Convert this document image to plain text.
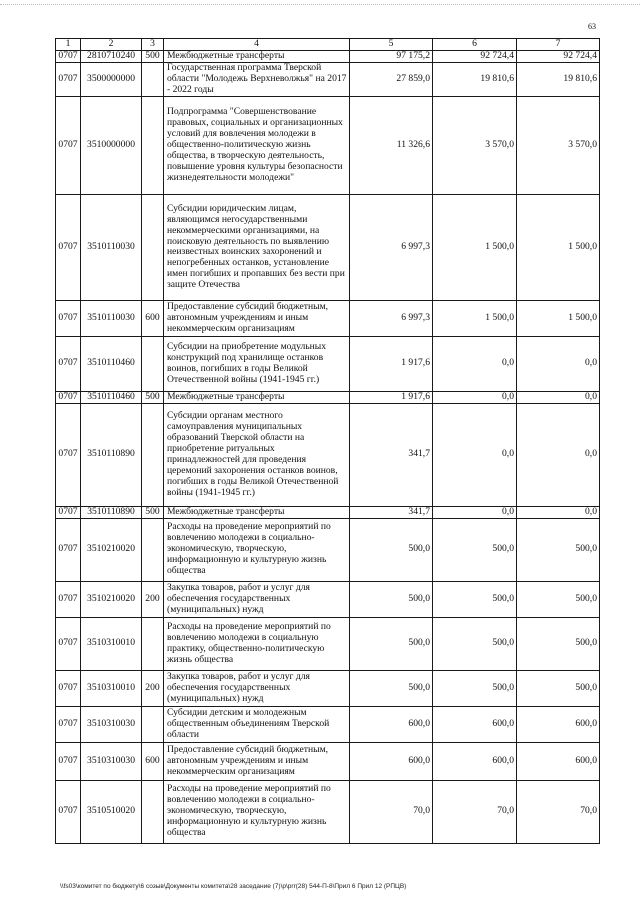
63
1	2	3	4	5	6	7
0707	2810710240	500	Межбюджетные трансферты	97 175,2	92 724,4	92 724,4
0707	3500000000		Государственная программа Тверской области "Молодежь Верхневолжья" на 2017 - 2022 годы	27 859,0	19 810,6	19 810,6
0707	3510000000		Подпрограмма "Совершенствование правовых, социальных и организационных условий для вовлечения молодежи в общественно-политическую жизнь общества, в творческую деятельность, повышение уровня культуры безопасности жизнедеятельности молодежи"	11 326,6	3 570,0	3 570,0
0707	3510110030		Субсидии юридическим лицам, являющимся негосударственными некоммерческими организациями, на поисковую деятельность по выявлению неизвестных воинских захоронений и непогребенных останков, установление имен погибших и пропавших без вести при защите Отечества	6 997,3	1 500,0	1 500,0
0707	3510110030	600	Предоставление субсидий бюджетным, автономным учреждениям и иным некоммерческим организациям	6 997,3	1 500,0	1 500,0
0707	3510110460		Субсидии на приобретение модульных конструкций под хранилище останков воинов, погибших в годы Великой Отечественной войны (1941-1945 гг.)	1 917,6	0,0	0,0
0707	3510110460	500	Межбюджетные трансферты	1 917,6	0,0	0,0
0707	3510110890		Субсидии органам местного самоуправления муниципальных образований Тверской области на приобретение ритуальных принадлежностей для проведения церемоний захоронения останков воинов, погибших в годы Великой Отечественной войны (1941-1945 гг.)	341,7	0,0	0,0
0707	3510110890	500	Межбюджетные трансферты	341,7	0,0	0,0
0707	3510210020		Расходы на проведение мероприятий по вовлечению молодежи в социально-экономическую, творческую, информационную и культурную жизнь общества	500,0	500,0	500,0
0707	3510210020	200	Закупка товаров, работ и услуг для обеспечения государственных (муниципальных) нужд	500,0	500,0	500,0
0707	3510310010		Расходы на проведение мероприятий по вовлечению молодежи в социальную практику, общественно-политическую жизнь общества	500,0	500,0	500,0
0707	3510310010	200	Закупка товаров, работ и услуг для обеспечения государственных (муниципальных) нужд	500,0	500,0	500,0
0707	3510310030		Субсидии детским и молодежным общественным объединениям Тверской области	600,0	600,0	600,0
0707	3510310030	600	Предоставление субсидий бюджетным, автономным учреждениям и иным некоммерческим организациям	600,0	600,0	600,0
0707	3510510020		Расходы на проведение мероприятий по вовлечению молодежи в социально-экономическую, творческую, информационную и культурную жизнь общества	70,0	70,0	70,0
\\fs03\комитет по бюджету\6 созыв\Документы комитета\28 заседание (7)\р\prr(28) 544-П-8\Прил 6 Прил 12 (РПЦВ)
